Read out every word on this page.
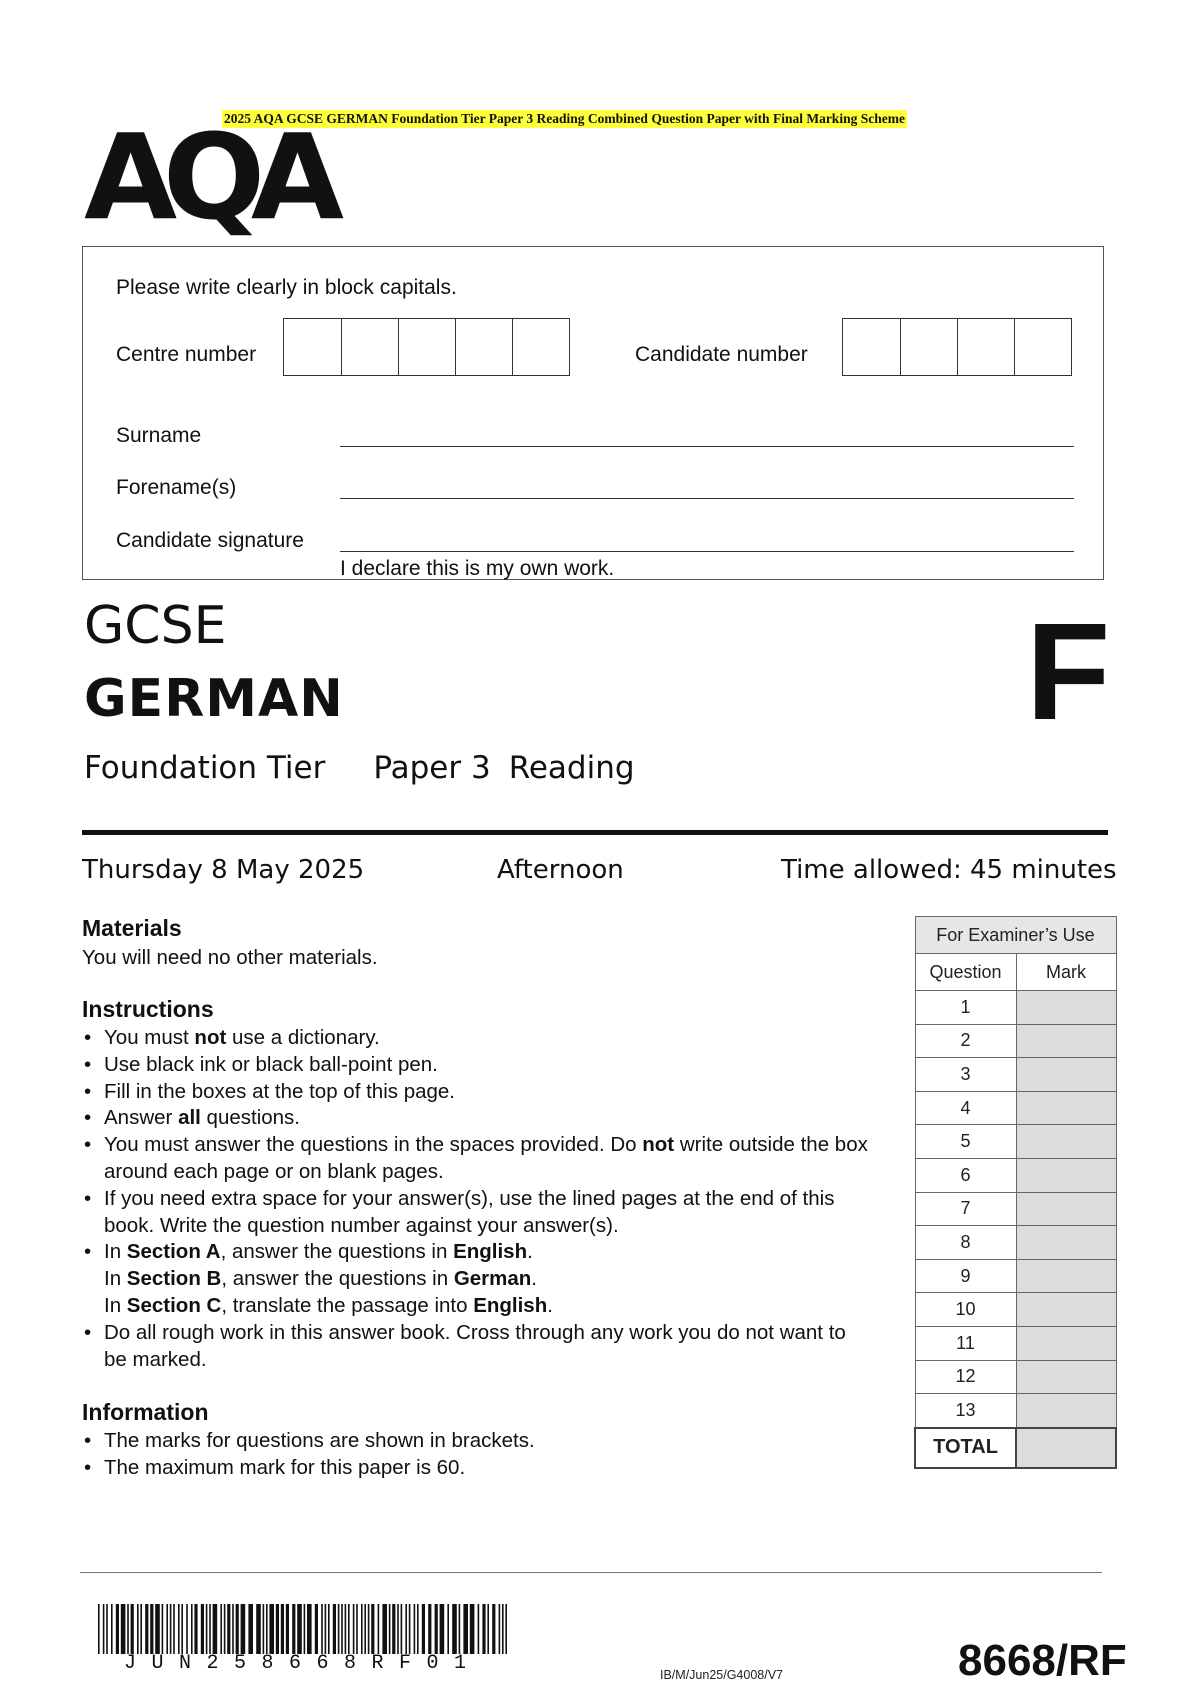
2025 AQA GCSE GERMAN Foundation Tier Paper 3 Reading Combined Question Paper with Final Marking Scheme
AQA
Please write clearly in block capitals.
Centre number	Candidate number
Surname
Forename(s)
Candidate signature
I declare this is my own work.
GCSE
GERMAN	F
Foundation Tier Paper 3 Reading
Thursday 8 May 2025	Afternoon	Time allowed: 45 minutes
Materials

You will need no other materials.

Instructions
• You must not use a dictionary.
• Use black ink or black ball-point pen.
• Fill in the boxes at the top of this page.
• Answer all questions.
• You must answer the questions in the spaces provided. Do not write outside the box around each page or on blank pages.
• If you need extra space for your answer(s), use the lined pages at the end of this book. Write the question number against your answer(s).
• In Section A, answer the questions in English.
In Section B, answer the questions in German.
In Section C, translate the passage into English.
• Do all rough work in this answer book. Cross through any work you do not want to be marked.
Information
• The marks for questions are shown in brackets.
• The maximum mark for this paper is 60.
For Examiner’s Use	
Question	Mark
1	
2	
3	
4	
5	
6	
7	
8	
9	
10	
11	
12	
13	
TOTAL	
JUN258668RF01	IB/M/Jun25/G4008/V7	8668/RF
